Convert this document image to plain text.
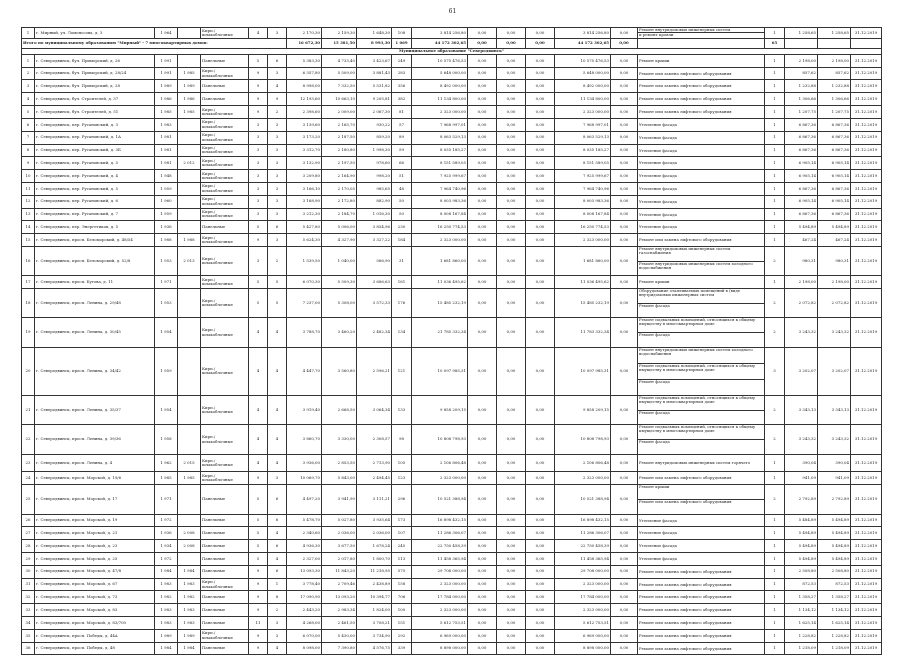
61
1	г. Мирный, ул. Ломоносова, д. 3	1 964		Кирп./ шлакоблочные	4	3	2 170,30	2 159,30	1 648,30	108	3 814 256,80	0,00	0,00	0,00	3 814 256,80	0,00	Ремонт внутридомовых инженерных систем
и ремонт кровли	1	1 258,65	1 258,65	31.12.2019
Итого по муниципальному образованию "Мирный" - 7 многоквартирных домов:							16 672,30	15 381,50	8 993,30	1 069	44 172 302,65	0,00	0,00	0,00	44 172 302,65	0,00		65			
Муниципальное образование "Северодвинск"																					
1	г. Северодвинск, бул. Приморский, д. 26	1 991		Панельные	5	6	5 383,30	4 733,40	3 423,67	249	10 575 476,53	0,00	0,00	0,00	10 575 476,53	0,00	Ремонт крыши	1	2 198,00	2 198,00	31.12.2019
2	г. Северодвинск, бул. Приморский, д. 28/24	1 991	1 985	Кирп./ шлакоблочные	9	3	6 357,80	5 509,00	3 881,43	283	5 648 000,00	0,00	0,00	0,00	5 648 000,00	0,00	Ремонт или замена лифтового оборудования	1	857,62	857,62	31.12.2019
3	г. Северодвинск, бул. Приморский, д. 28	1 989	1 989	Панельные	9	4	8 998,00	7 332,50	5 531,82	356	8 492 000,00	0,00	0,00	0,00	8 492 000,00	0,00	Ремонт или замена лифтового оборудования	1	1 232,88	1 232,88	31.12.2019
4	г. Северодвинск, бул. Строителей, д. 37	1 986	1 986	Панельные	9	9	12 193,60	10 663,10	9 205,81	382	11 134 800,00	0,00	0,00	0,00	11 134 800,00	0,00	Ремонт или замена лифтового оборудования	1	1 306,66	1 306,66	31.12.2019
5	г. Северодвинск, бул. Строителей, д. 51	1 985	1 985	Кирп./ шлакоблочные	9	2	2 398,60	2 009,00	2 067,30	81	2 323 000,00	0,00	0,00	0,00	2 323 000,00	0,00	Ремонт или замена лифтового оборудования	1	1 207,75	1 207,75	31.12.2019
6	г. Северодвинск, пер. Русановский, д. 3	1 983		Кирп./ шлакоблочные	3	3	3 139,60	2 165,70	930,22	57	7 968 997,01	0,00	0,00	0,00	7 968 997,01	0,00	Утепление фасада	1	6 867,36	6 867,36	31.12.2019
7	г. Северодвинск, пер. Русановский, д. 1А	1 981		Кирп./ шлакоблочные	3	3	3 173,20	2 187,50	859,20	89	8 063 529,13	0,00	0,00	0,00	8 063 529,13	0,00	Утепление фасада	1	6 867,36	6 867,36	31.12.2019
8	г. Северодвинск, пер. Русановский, д. 3Б	1 981		Кирп./ шлакоблочные	3	3	3 312,70	2 180,80	1 998,30	59	8 035 185,27	0,00	0,00	0,00	8 035 185,27	0,00	Утепление фасада	1	6 867,36	6 867,36	31.12.2019
9	г. Северодвинск, пер. Русановский, д. 5	1 981	2 012	Кирп./ шлакоблочные	3	3	3 132,90	2 197,50	978,60	66	8 151 589,05	0,00	0,00	0,00	8 151 589,05	0,00	Утепление фасада	1	6 905,14	6 905,14	31.12.2019
10	г. Северодвинск, пер. Русановский, д. 4	1 948		Кирп./ шлакоблочные	3	3	3 209,80	2 164,90	998,20	51	7 925 999,67	0,00	0,00	0,00	7 925 999,67	0,00	Утепление фасада	1	6 905,14	6 905,14	31.12.2019
11	г. Северодвинск, пер. Русановский, д. 5	1 959		Кирп./ шлакоблочные	3	3	3 166,10	2 170,05	985,65	48	7 964 740,96	0,00	0,00	0,00	7 964 740,96	0,00	Утепление фасада	1	6 867,36	6 867,36	31.12.2019
12	г. Северодвинск, пер. Русановский, д. 6	1 960		Кирп./ шлакоблочные	3	3	3 168,90	2 172,80	882,90	50	8 003 983,36	0,00	0,00	0,00	8 003 983,36	0,00	Утепление фасада	1	6 905,14	6 905,14	31.12.2019
13	г. Северодвинск, пер. Русановский, д. 7	1 959		Кирп./ шлакоблочные	3	3	3 212,30	2 184,70	1 016,30	50	8 008 167,84	0,00	0,00	0,00	8 008 167,84	0,00	Утепление фасада	1	6 867,36	6 867,36	31.12.2019
14	г. Северодвинск, пер. Энергетиков, д. 5	1 936		Панельные	5	6	5 427,80	5 006,00	3 854,96	230	16 250 774,53	0,00	0,00	0,00	16 250 774,53	0,00	Утепление фасада	1	5 494,89	5 494,89	31.12.2019
15	г. Северодвинск, просп. Беломорский, д. 48/54	1 988	1 988	Кирп./ шлакоблочные	9	3	5 624,30	4 327,90	3 327,22	184	2 323 000,00	0,00	0,00	0,00	2 323 000,00	0,00	Ремонт или замена лифтового оборудования	1	467,24	467,24	31.12.2019
16	г. Северодвинск, просп. Беломорский, д. 52/8	1 953	2 013	Кирп./ шлакоблочные	3	2	1 539,50	1 040,00	566,90	31	1 681 860,00	0,00	0,00	0,00	1 681 860,00	0,00	Ремонт внутридомовых инженерных систем газоснабжения
Ремонт внутридомовых инженерных систем холодного водоснабжения	2	980,31	980,31	31.12.2019
17	г. Северодвинск, просп. Бутова, д. 11	1 971		Кирп./ шлакоблочные	5	5	6 070,30	5 509,30	3 686,63	161	11 036 495,62	0,00	0,00	0,00	11 036 495,62	0,00	Ремонт крыши	1	2 198,00	2 198,00	31.12.2019
18	г. Северодвинск, просп. Ленина, д. 29/48	1 953		Кирп./ шлакоблочные	5	5	7 237,00	5 308,00	3 572,33	176	15 485 232,19	0,00	0,00	0,00	15 485 232,19	0,00	Оборудование отапливаемых помещений в (виде внутридомовых инженерных систем
Ремонт фасада	2	2 072,82	2 072,82	31.12.2019
19	г. Северодвинск, просп. Ленина, д. 30/45	1 954		Кирп./ шлакоблочные	4	4	3 788,70	3 460,20	2 482,34	134	21 785 332,34	0,00	0,00	0,00	11 783 332,34	0,00	Ремонт подвальных помещений, относящихся к общему имуществу в многоквартирном доме
Ремонт фасада	2	3 243,32	3 243,32	31.12.2019
20	г. Северодвинск, просп. Ленина, д. 34/42	1 959		Кирп./ шлакоблочные	4	4	4 447,70	3 560,80	2 596,21	121	10 097 985,31	0,00	0,00	0,00	10 097 985,31	0,00	Ремонт внутридомовых инженерных систем холодного водоснабжения
Ремонт подвальных помещений, относящихся к общему имуществу в многоквартирном доме
Ремонт фасада	3	3 202,07	3 202,07	31.12.2019
21	г. Северодвинск, просп. Ленина, д. 35/37	1 954		Кирп./ шлакоблочные	4	4	3 919,40	2 668,50	3 064,34	133	9 858 209,15	0,00	0,00	0,00	9 858 209,15	0,00	Ремонт подвальных помещений, относящихся к общему имуществу в многоквартирном доме
Ремонт фасада	2	3 343,13	3 343,13	31.12.2019
22	г. Северодвинск, просп. Ленина, д. 39/36	1 958		Кирп./ шлакоблочные	4	4	3 860,70	3 330,00	2 308,57	98	10 808 798,93	0,00	0,00	0,00	10 808 798,93	0,00	Ремонт подвальных помещений, относящихся к общему имуществу в многоквартирном доме
Ремонт фасада	2	3 243,32	3 243,32	31.12.2019
23	г. Северодвинск, просп. Ленина, д. 4	1 962	2 015	Кирп./ шлакоблочные	4	4	3 936,00	2 853,50	2 713,90	105	2 106 806,48	0,00	0,00	0,00	2 106 806,48	0,00	Ремонт внутридомовых инженерных систем горячего	1	390,04	390,04	31.12.2019
24	г. Северодвинск, просп. Морской, д. 19/6	1 985	1 985	Кирп./ шлакоблочные	9	3	10 069,70	5 843,00	2 494,45	123	2 323 000,00	0,00	0,00	0,00	2 323 000,00	0,00	Ремонт или замена лифтового оборудования	1	941,09	941,09	31.12.2019
25	г. Северодвинск, просп. Морской, д. 17	1 971		Панельные	5	6	4 497,20	3 941,90	3 111,21	296	10 521 388,94	0,00	0,00	0,00	10 521 388,94	0,00	Ремонт крыши
Ремонт или замена лифтового оборудования	2	2 792,89	2 792,89	31.12.2019
26	г. Северодвинск, просп. Морской, д. 19	1 972		Панельные	5	6	5 478,70	5 027,80	3 935,64	173	16 898 432,15	0,00	0,00	0,00	16 898 432,15	0,00	Утепление фасада	1	5 484,89	5 494,89	31.12.2019
27	г. Северодвинск, просп. Морской, д. 21	1 936	2 008	Панельные	5	4	2 340,60	2 036,00	2 036,00	107	11 286 306,07	0,00	0,00	0,00	11 286 306,07	0,00	Утепление фасада	1	5 494,89	5 494,89	31.12.2019
28	г. Северодвинск, просп. Морской, д. 23	1 934	2 008	Панельные	5	6	4 936,30	3 677,50	1 678,24	245	22 750 458,39	0,00	0,00	0,00	22 750 458,39	0,00	Утепление фасада	1	5 494,89	5 494,89	31.12.2019
29	г. Северодвинск, просп. Морской, д. 25	1 972		Панельные	5	4	2 327,00	2 017,80	1 800,70	113	11 458 365,94	0,00	0,00	0,00	11 458 365,94	0,00	Утепление фасада	1	5 494,89	5 494,89	31.12.2019
30	г. Северодвинск, просп. Морской, д. 47/8	1 984	1 984	Панельные	9	6	13 093,30	11 843,20	11 218,95	575	29 708 000,00	0,00	0,00	0,00	29 708 000,00	0,00	Ремонт или замена лифтового оборудования	1	2 508,80	2 508,80	31.12.2019
31	г. Северодвинск, просп. Морской, д. 67	1 983	1 983	Кирп./ шлакоблочные	9	1	3 778,40	2 709,46	2 438,89	158	2 323 000,00	0,00	0,00	0,00	2 323 000,00	0,00	Ремонт или замена лифтового оборудования	1	872,53	872,53	31.12.2019
32	г. Северодвинск, просп. Морской, д. 73	1 982	1 982	Панельные	9	8	17 090,90	13 093,20	10 394,77	706	17 784 000,00	0,00	0,00	0,00	17 784 000,00	0,00	Ремонт или замена лифтового оборудования	1	1 358,27	1 358,27	31.12.2019
33	г. Северодвинск, просп. Морской, д. 83	1 983	1 983	Панельные	9	2	2 443,20	2 983,34	1 824,00	100	2 323 000,00	0,00	0,00	0,00	2 323 000,00	0,00	Ремонт или замена лифтового оборудования	1	1 134,12	1 134,12	31.12.2019
34	г. Северодвинск, просп. Морской, д. 83/700	1 983	1 983	Панельные	11	3	4 268,00	2 461,50	3 708,21	151	5 612 753,51	0,00	0,00	0,00	5 612 753,51	0,00	Ремонт или замена лифтового оборудования	1	1 625,14	1 625,14	31.12.2019
35	г. Северодвинск, просп. Победы, д. 44А	1 989	1 989	Кирп./ шлакоблочные	9	3	6 070,00	5 430,00	3 734,90	292	6 969 000,00	0,00	0,00	0,00	6 969 000,00	0,00	Ремонт или замена лифтового оборудования	1	1 228,82	1 228,82	31.12.2019
36	г. Северодвинск, просп. Победы, д. 48	1 984	1 984	Панельные	9	4	8 098,00	7 390,80	4 576,75	339	8 898 000,00	0,00	0,00	0,00	8 898 000,00	0,00	Ремонт или замена лифтового оборудования	1	1 218,09	1 218,09	31.12.2019
